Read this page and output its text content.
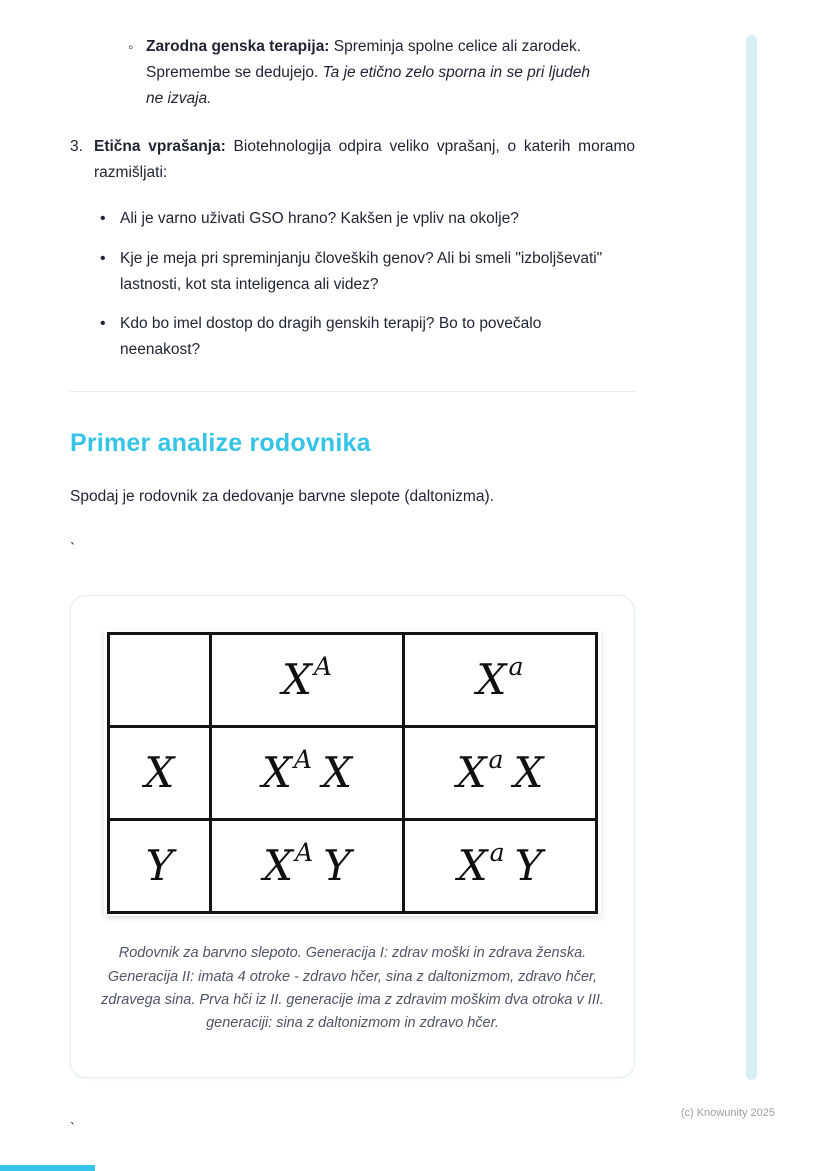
◦ Zarodna genska terapija: Spreminja spolne celice ali zarodek. Spremembe se dedujejo. Ta je etično zelo sporna in se pri ljudeh ne izvaja.

3. Etična vprašanja: Biotehnologija odpira veliko vprašanj, o katerih moramo razmišljati:

• Ali je varno uživati GSO hrano? Kakšen je vpliv na okolje?
• Kje je meja pri spreminjanju človeških genov? Ali bi smeli "izboljševati" lastnosti, kot sta inteligenca ali videz?
• Kdo bo imel dostop do dragih genskih terapij? Bo to povečalo neenakost?
Primer analize rodovnika

Spodaj je rodovnik za dedovanje barvne slepote (daltonizma).

`

	$X^A$	$X^a$
X	$X^A$ X	$X^a$ X
Y	$X^A$ Y	$X^a$ Y

Rodovnik za barvno slepoto. Generacija I: zdrav moški in zdrava ženska. Generacija II: imata 4 otroke - zdravo hčer, sina z daltonizmom, zdravo hčer, zdravega sina. Prva hči iz II. generacije ima z zdravim moškim dva otroka v III. generaciji: sina z daltonizmom in zdravo hčer.

`

(c) Knowunity 2025
